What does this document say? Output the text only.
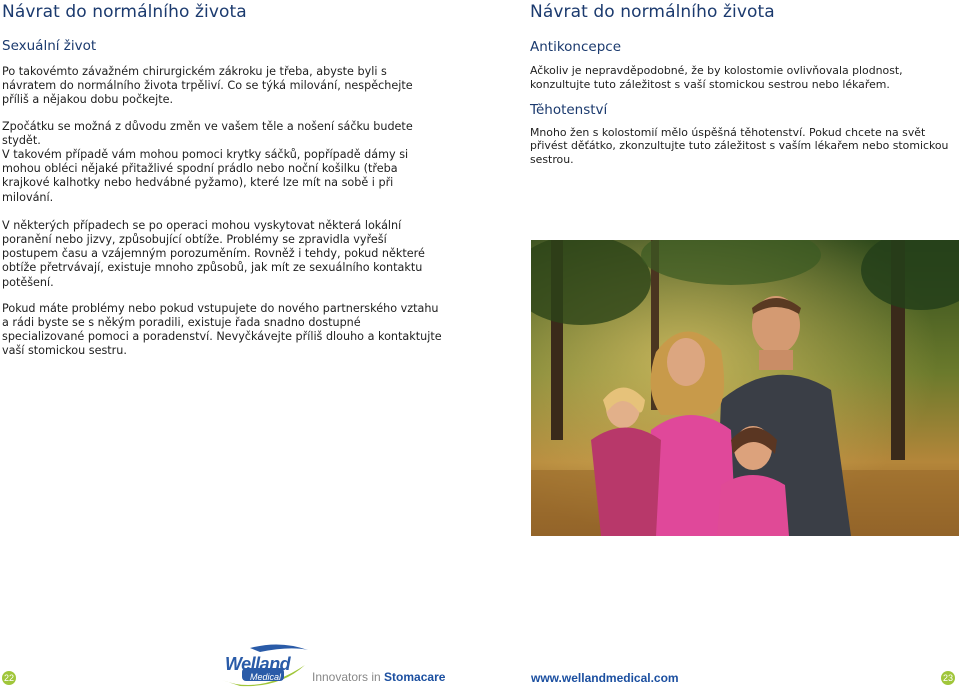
Návrat do normálního života
Sexuální život

Po takovémto závažném chirurgickém zákroku je třeba, abyste byli s návratem do normálního života trpěliví. Co se týká milování, nespěchejte příliš a nějakou dobu počkejte.

Zpočátku se možná z důvodu změn ve vašem těle a nošení sáčku budete stydět.

V takovém případě vám mohou pomoci krytky sáčků, popřípadě dámy si mohou obléci nějaké přitažlivé spodní prádlo nebo noční košilku (třeba krajkové kalhotky nebo hedvábné pyžamo), které lze mít na sobě i při milování.

V některých případech se po operaci mohou vyskytovat některá lokální poranění nebo jizvy, způsobující obtíže. Problémy se zpravidla vyřeší postupem času a vzájemným porozuměním. Rovněž i tehdy, pokud některé obtíže přetrvávají, existuje mnoho způsobů, jak mít ze sexuálního kontaktu potěšení.

Pokud máte problémy nebo pokud vstupujete do nového partnerského vztahu a rádi byste se s někým poradili, existuje řada snadno dostupné specializované pomoci a poradenství. Nevyčkávejte příliš dlouho a kontaktujte vaší stomickou sestru.

Návrat do normálního života
Antikoncepce

Ačkoliv je nepravděpodobné, že by kolostomie ovlivňovala plodnost, konzultujte tuto záležitost s vaší stomickou sestrou nebo lékařem.

Těhotenství

Mnoho žen s kolostomií mělo úspěšná těhotenství. Pokud chcete na svět přivést děťátko, zkonzultujte tuto záležitost s vaším lékařem nebo stomickou sestrou.

22
Welland
Medical	Innovators in Stomacare	www.wellandmedical.com	23
